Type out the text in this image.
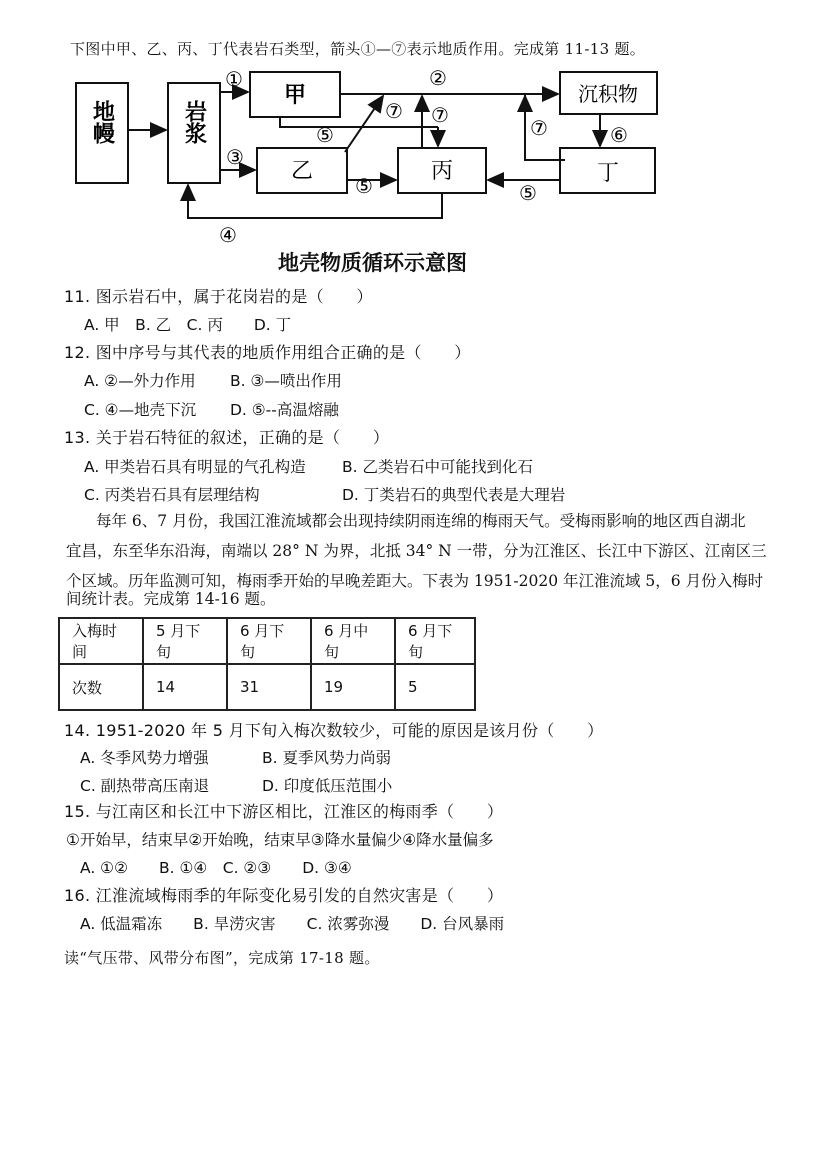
下图中甲、乙、丙、丁代表岩石类型，箭头①—⑦表示地质作用。完成第 11-13 题。
地幔	岩浆
甲
乙	丙
沉积物
丁
①	②
③
④
⑤
⑤	⑤
⑥
⑦ ⑦
⑦
地壳物质循环示意图
11. 图示岩石中，属于花岗岩的是（　　）
A. 甲　B. 乙　C. 丙　　D. 丁
12. 图中序号与其代表的地质作用组合正确的是（　　）
A. ②—外力作用 B. ③—喷出作用
C. ④—地壳下沉 D. ⑤--高温熔融
13. 关于岩石特征的叙述，正确的是（　　）
A. 甲类岩石具有明显的气孔构造 B. 乙类岩石中可能找到化石
C. 丙类岩石具有层理结构	D. 丁类岩石的典型代表是大理岩
每年 6、7 月份，我国江淮流域都会出现持续阴雨连绵的梅雨天气。受梅雨影响的地区西自湖北
宜昌，东至华东沿海，南端以 28° N 为界，北抵 34° N 一带，分为江淮区、长江中下游区、江南区三
个区域。历年监测可知，梅雨季开始的早晚差距大。下表为 1951-2020 年江淮流域 5，6 月份入梅时
间统计表。完成第 14-16 题。
入梅时间	5 月下旬	6 月下旬	6 月中旬	6 月下旬
次数	14	31	19	5
14. 1951-2020 年 5 月下旬入梅次数较少，可能的原因是该月份（　　）
A. 冬季风势力增强	B. 夏季风势力尚弱
C. 副热带高压南退	D. 印度低压范围小
15. 与江南区和长江中下游区相比，江淮区的梅雨季（　　）
①开始早，结束早②开始晚，结束早③降水量偏少④降水量偏多
A. ①②　　B. ①④　C. ②③　　D. ③④
16. 江淮流域梅雨季的年际变化易引发的自然灾害是（　　）
A. 低温霜冻　　B. 旱涝灾害　　C. 浓雾弥漫　　D. 台风暴雨
读“气压带、风带分布图”，完成第 17-18 题。
